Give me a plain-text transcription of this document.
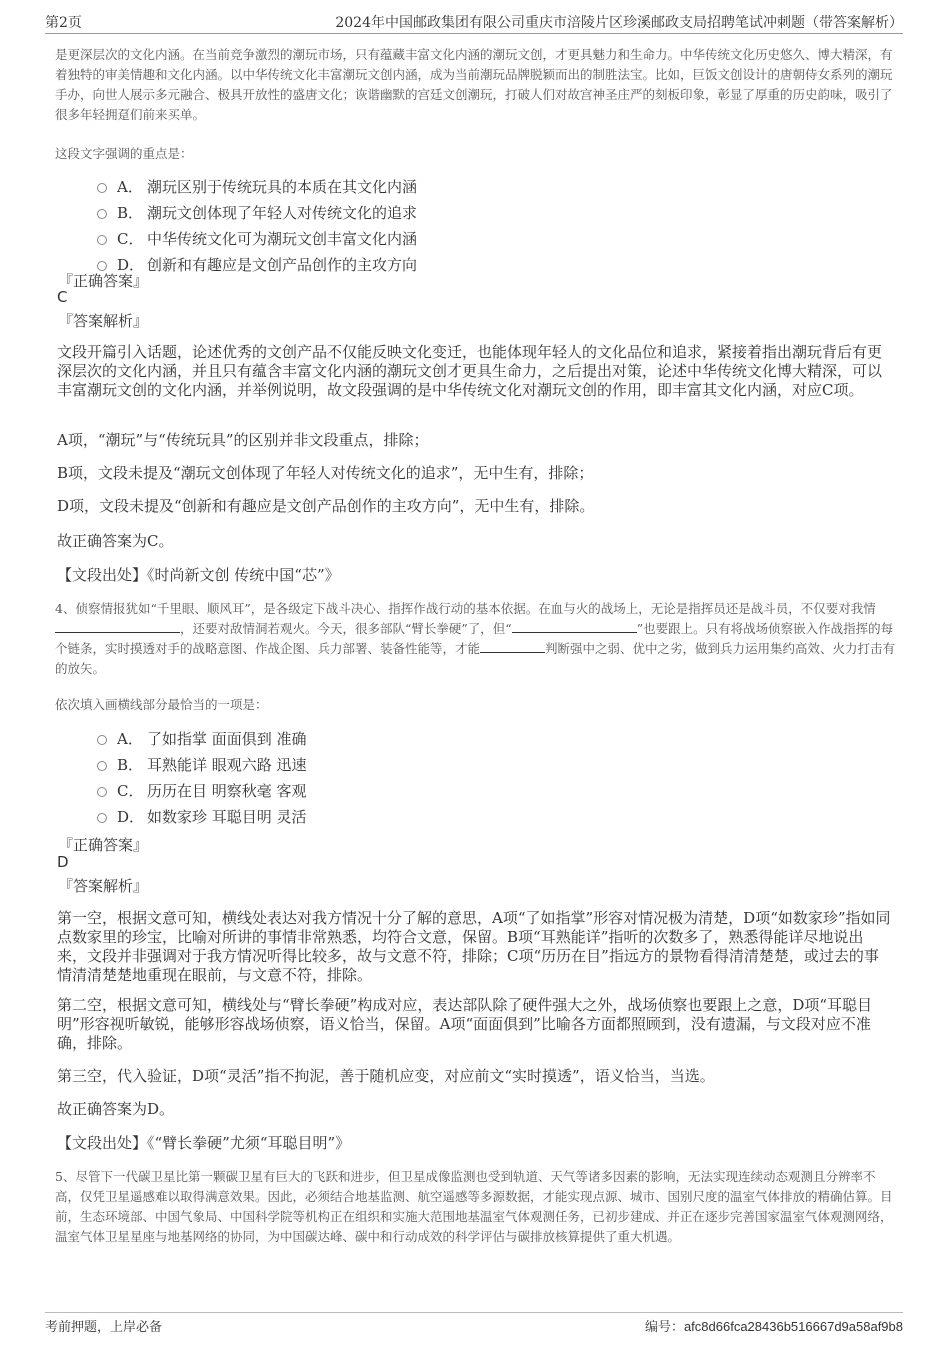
第2页	2024年中国邮政集团有限公司重庆市涪陵片区珍溪邮政支局招聘笔试冲刺题（带答案解析）
是更深层次的文化内涵。在当前竞争激烈的潮玩市场，只有蕴藏丰富文化内涵的潮玩文创，才更具魅力和生命力。中华传统文化历史悠久、博大精深，有着独特的审美情趣和文化内涵。以中华传统文化丰富潮玩文创内涵，成为当前潮玩品牌脱颖而出的制胜法宝。比如，巨饭文创设计的唐朝侍女系列的潮玩手办，向世人展示多元融合、极具开放性的盛唐文化；诙谐幽默的宫廷文创潮玩，打破人们对故宫神圣庄严的刻板印象，彰显了厚重的历史韵味，吸引了很多年轻拥趸们前来买单。
这段文字强调的重点是：
A． 潮玩区别于传统玩具的本质在其文化内涵
B． 潮玩文创体现了年轻人对传统文化的追求
C． 中华传统文化可为潮玩文创丰富文化内涵
D． 创新和有趣应是文创产品创作的主攻方向
『正确答案』
C
『答案解析』
文段开篇引入话题，论述优秀的文创产品不仅能反映文化变迁，也能体现年轻人的文化品位和追求，紧接着指出潮玩背后有更深层次的文化内涵，并且只有蕴含丰富文化内涵的潮玩文创才更具生命力，之后提出对策，论述中华传统文化博大精深，可以丰富潮玩文创的文化内涵，并举例说明，故文段强调的是中华传统文化对潮玩文创的作用，即丰富其文化内涵，对应C项。
A项，“潮玩”与“传统玩具”的区别并非文段重点，排除；
B项，文段未提及“潮玩文创体现了年轻人对传统文化的追求”，无中生有，排除；
D项，文段未提及“创新和有趣应是文创产品创作的主攻方向”，无中生有，排除。
故正确答案为C。
【文段出处】《时尚新文创 传统中国“芯”》
4、侦察情报犹如“千里眼、顺风耳”，是各级定下战斗决心、指挥作战行动的基本依据。在血与火的战场上，无论是指挥员还是战斗员，不仅要对我情，还要对敌情洞若观火。今天，很多部队“臂长拳硬”了，但“	”也要跟上。只有将战场侦察嵌入作战指挥的每个链条，实时摸透对手的战略意图、作战企图、兵力部署、装备性能等，才能	判断强中之弱、优中之劣，做到兵力运用集约高效、火力打击有的放矢。
依次填入画横线部分最恰当的一项是：
A． 了如指掌 面面俱到 准确
B． 耳熟能详 眼观六路 迅速
C． 历历在目 明察秋毫 客观
D． 如数家珍 耳聪目明 灵活
『正确答案』
D
『答案解析』
第一空，根据文意可知，横线处表达对我方情况十分了解的意思，A项“了如指掌”形容对情况极为清楚，D项“如数家珍”指如同点数家里的珍宝，比喻对所讲的事情非常熟悉，均符合文意，保留。B项“耳熟能详”指听的次数多了，熟悉得能详尽地说出来，文段并非强调对于我方情况听得比较多，故与文意不符，排除；C项“历历在目”指远方的景物看得清清楚楚，或过去的事情清清楚楚地重现在眼前，与文意不符，排除。
第二空，根据文意可知，横线处与“臂长拳硬”构成对应，表达部队除了硬件强大之外，战场侦察也要跟上之意，D项“耳聪目明”形容视听敏锐，能够形容战场侦察，语义恰当，保留。A项“面面俱到”比喻各方面都照顾到，没有遗漏，与文段对应不准确，排除。
第三空，代入验证，D项“灵活”指不拘泥，善于随机应变，对应前文“实时摸透”，语义恰当，当选。
故正确答案为D。
【文段出处】《“臂长拳硬”尤须“耳聪目明”》
5、尽管下一代碳卫星比第一颗碳卫星有巨大的飞跃和进步，但卫星成像监测也受到轨道、天气等诸多因素的影响，无法实现连续动态观测且分辨率不高，仅凭卫星遥感难以取得满意效果。因此，必须结合地基监测、航空遥感等多源数据，才能实现点源、城市、国别尺度的温室气体排放的精确估算。目前，生态环境部、中国气象局、中国科学院等机构正在组织和实施大范围地基温室气体观测任务，已初步建成、并正在逐步完善国家温室气体观测网络，温室气体卫星星座与地基网络的协同，为中国碳达峰、碳中和行动成效的科学评估与碳排放核算提供了重大机遇。
考前押题，上岸必备	编号：afc8d66fca28436b516667d9a58af9b8
